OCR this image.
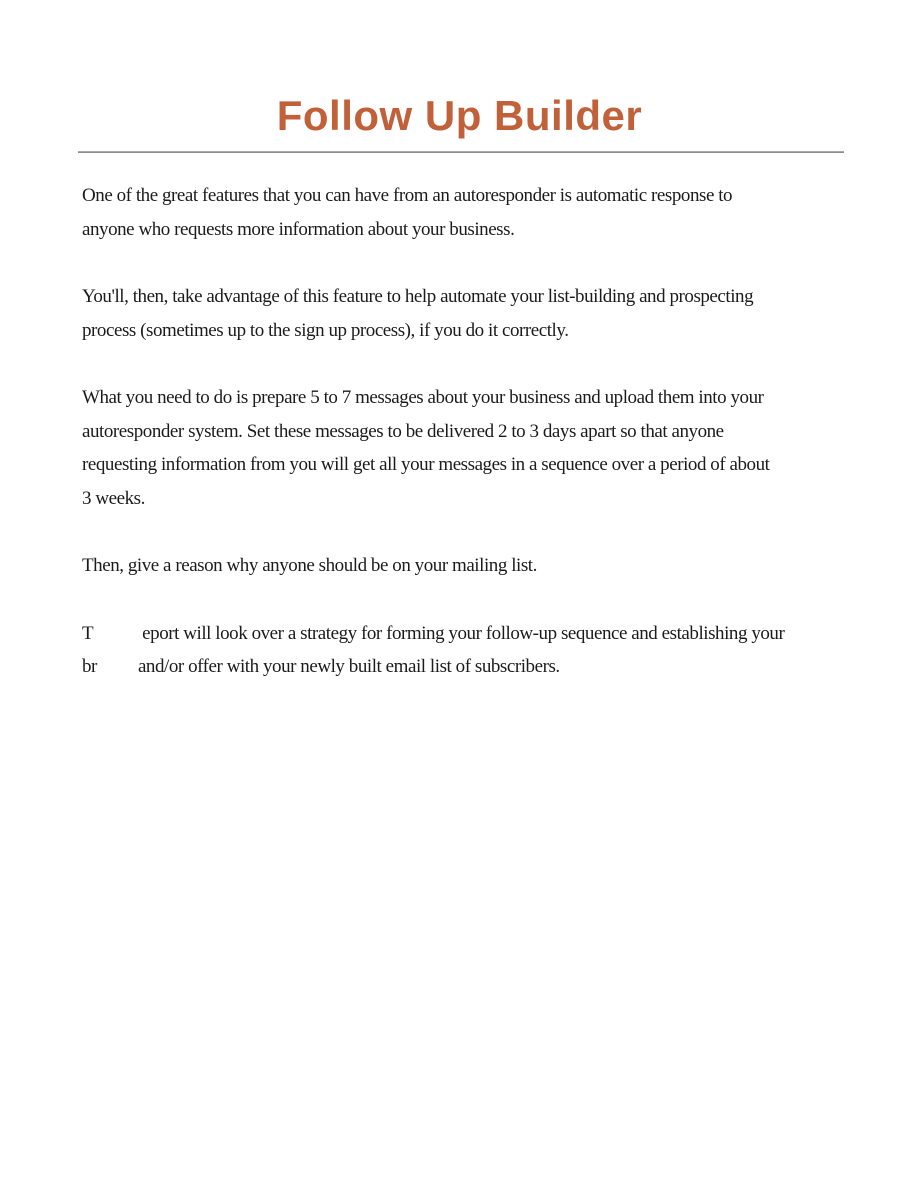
Follow Up Builder
One of the great features that you can have from an autoresponder is automatic response to
anyone who requests more information about your business.
You'll, then, take advantage of this feature to help automate your list-building and prospecting
process (sometimes up to the sign up process), if you do it correctly.
What you need to do is prepare 5 to 7 messages about your business and upload them into your
autoresponder system. Set these messages to be delivered 2 to 3 days apart so that anyone
requesting information from you will get all your messages in a sequence over a period of about
3 weeks.
Then, give a reason why anyone should be on your mailing list.
T	eport will look over a strategy for forming your follow-up sequence and establishing your
br and/or offer with your newly built email list of subscribers.
